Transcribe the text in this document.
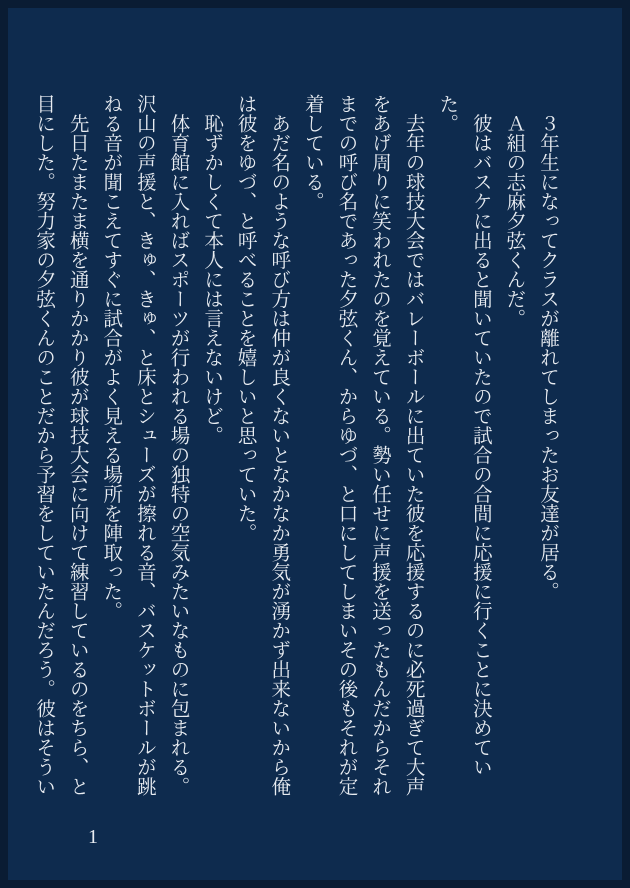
　３年生になってクラスが離れてしまったお友達が居る。

　Ａ組の志麻夕弦くんだ。

　彼はバスケに出ると聞いていたので試合の合間に応援に行くことに決めていた。

　去年の球技大会ではバレーボールに出ていた彼を応援するのに必死過ぎて大声をあげ周りに笑われたのを覚えている。勢い任せに声援を送ったもんだからそれまでの呼び名であった夕弦くん、からゆづ、と口にしてしまいその後もそれが定着している。

　あだ名のような呼び方は仲が良くないとなかなか勇気が湧かず出来ないから俺は彼をゆづ、と呼べることを嬉しいと思っていた。

　恥ずかしくて本人には言えないけど。

　体育館に入ればスポーツが行われる場の独特の空気みたいなものに包まれる。沢山の声援と、きゅ、きゅ、と床とシューズが擦れる音、バスケットボールが跳ねる音が聞こえてすぐに試合がよく見える場所を陣取った。

　先日たまたま横を通りかかり彼が球技大会に向けて練習しているのをちら、と目にした。努力家の夕弦くんのことだから予習をしていたんだろう。彼はそうい

1
